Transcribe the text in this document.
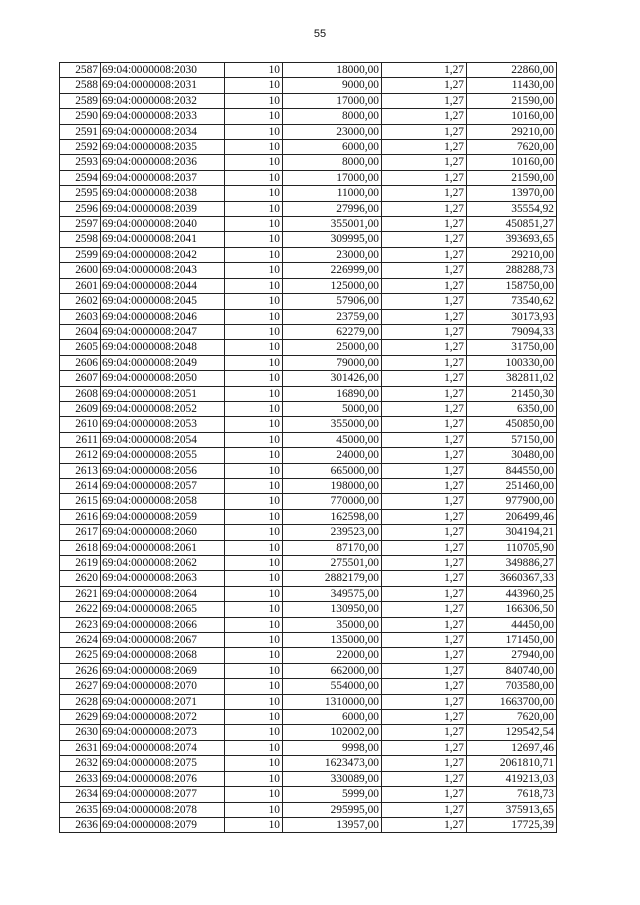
55
2587	69:04:0000008:2030	10	18000,00	1,27	22860,00
2588	69:04:0000008:2031	10	9000,00	1,27	11430,00
2589	69:04:0000008:2032	10	17000,00	1,27	21590,00
2590	69:04:0000008:2033	10	8000,00	1,27	10160,00
2591	69:04:0000008:2034	10	23000,00	1,27	29210,00
2592	69:04:0000008:2035	10	6000,00	1,27	7620,00
2593	69:04:0000008:2036	10	8000,00	1,27	10160,00
2594	69:04:0000008:2037	10	17000,00	1,27	21590,00
2595	69:04:0000008:2038	10	11000,00	1,27	13970,00
2596	69:04:0000008:2039	10	27996,00	1,27	35554,92
2597	69:04:0000008:2040	10	355001,00	1,27	450851,27
2598	69:04:0000008:2041	10	309995,00	1,27	393693,65
2599	69:04:0000008:2042	10	23000,00	1,27	29210,00
2600	69:04:0000008:2043	10	226999,00	1,27	288288,73
2601	69:04:0000008:2044	10	125000,00	1,27	158750,00
2602	69:04:0000008:2045	10	57906,00	1,27	73540,62
2603	69:04:0000008:2046	10	23759,00	1,27	30173,93
2604	69:04:0000008:2047	10	62279,00	1,27	79094,33
2605	69:04:0000008:2048	10	25000,00	1,27	31750,00
2606	69:04:0000008:2049	10	79000,00	1,27	100330,00
2607	69:04:0000008:2050	10	301426,00	1,27	382811,02
2608	69:04:0000008:2051	10	16890,00	1,27	21450,30
2609	69:04:0000008:2052	10	5000,00	1,27	6350,00
2610	69:04:0000008:2053	10	355000,00	1,27	450850,00
2611	69:04:0000008:2054	10	45000,00	1,27	57150,00
2612	69:04:0000008:2055	10	24000,00	1,27	30480,00
2613	69:04:0000008:2056	10	665000,00	1,27	844550,00
2614	69:04:0000008:2057	10	198000,00	1,27	251460,00
2615	69:04:0000008:2058	10	770000,00	1,27	977900,00
2616	69:04:0000008:2059	10	162598,00	1,27	206499,46
2617	69:04:0000008:2060	10	239523,00	1,27	304194,21
2618	69:04:0000008:2061	10	87170,00	1,27	110705,90
2619	69:04:0000008:2062	10	275501,00	1,27	349886,27
2620	69:04:0000008:2063	10	2882179,00	1,27	3660367,33
2621	69:04:0000008:2064	10	349575,00	1,27	443960,25
2622	69:04:0000008:2065	10	130950,00	1,27	166306,50
2623	69:04:0000008:2066	10	35000,00	1,27	44450,00
2624	69:04:0000008:2067	10	135000,00	1,27	171450,00
2625	69:04:0000008:2068	10	22000,00	1,27	27940,00
2626	69:04:0000008:2069	10	662000,00	1,27	840740,00
2627	69:04:0000008:2070	10	554000,00	1,27	703580,00
2628	69:04:0000008:2071	10	1310000,00	1,27	1663700,00
2629	69:04:0000008:2072	10	6000,00	1,27	7620,00
2630	69:04:0000008:2073	10	102002,00	1,27	129542,54
2631	69:04:0000008:2074	10	9998,00	1,27	12697,46
2632	69:04:0000008:2075	10	1623473,00	1,27	2061810,71
2633	69:04:0000008:2076	10	330089,00	1,27	419213,03
2634	69:04:0000008:2077	10	5999,00	1,27	7618,73
2635	69:04:0000008:2078	10	295995,00	1,27	375913,65
2636	69:04:0000008:2079	10	13957,00	1,27	17725,39
